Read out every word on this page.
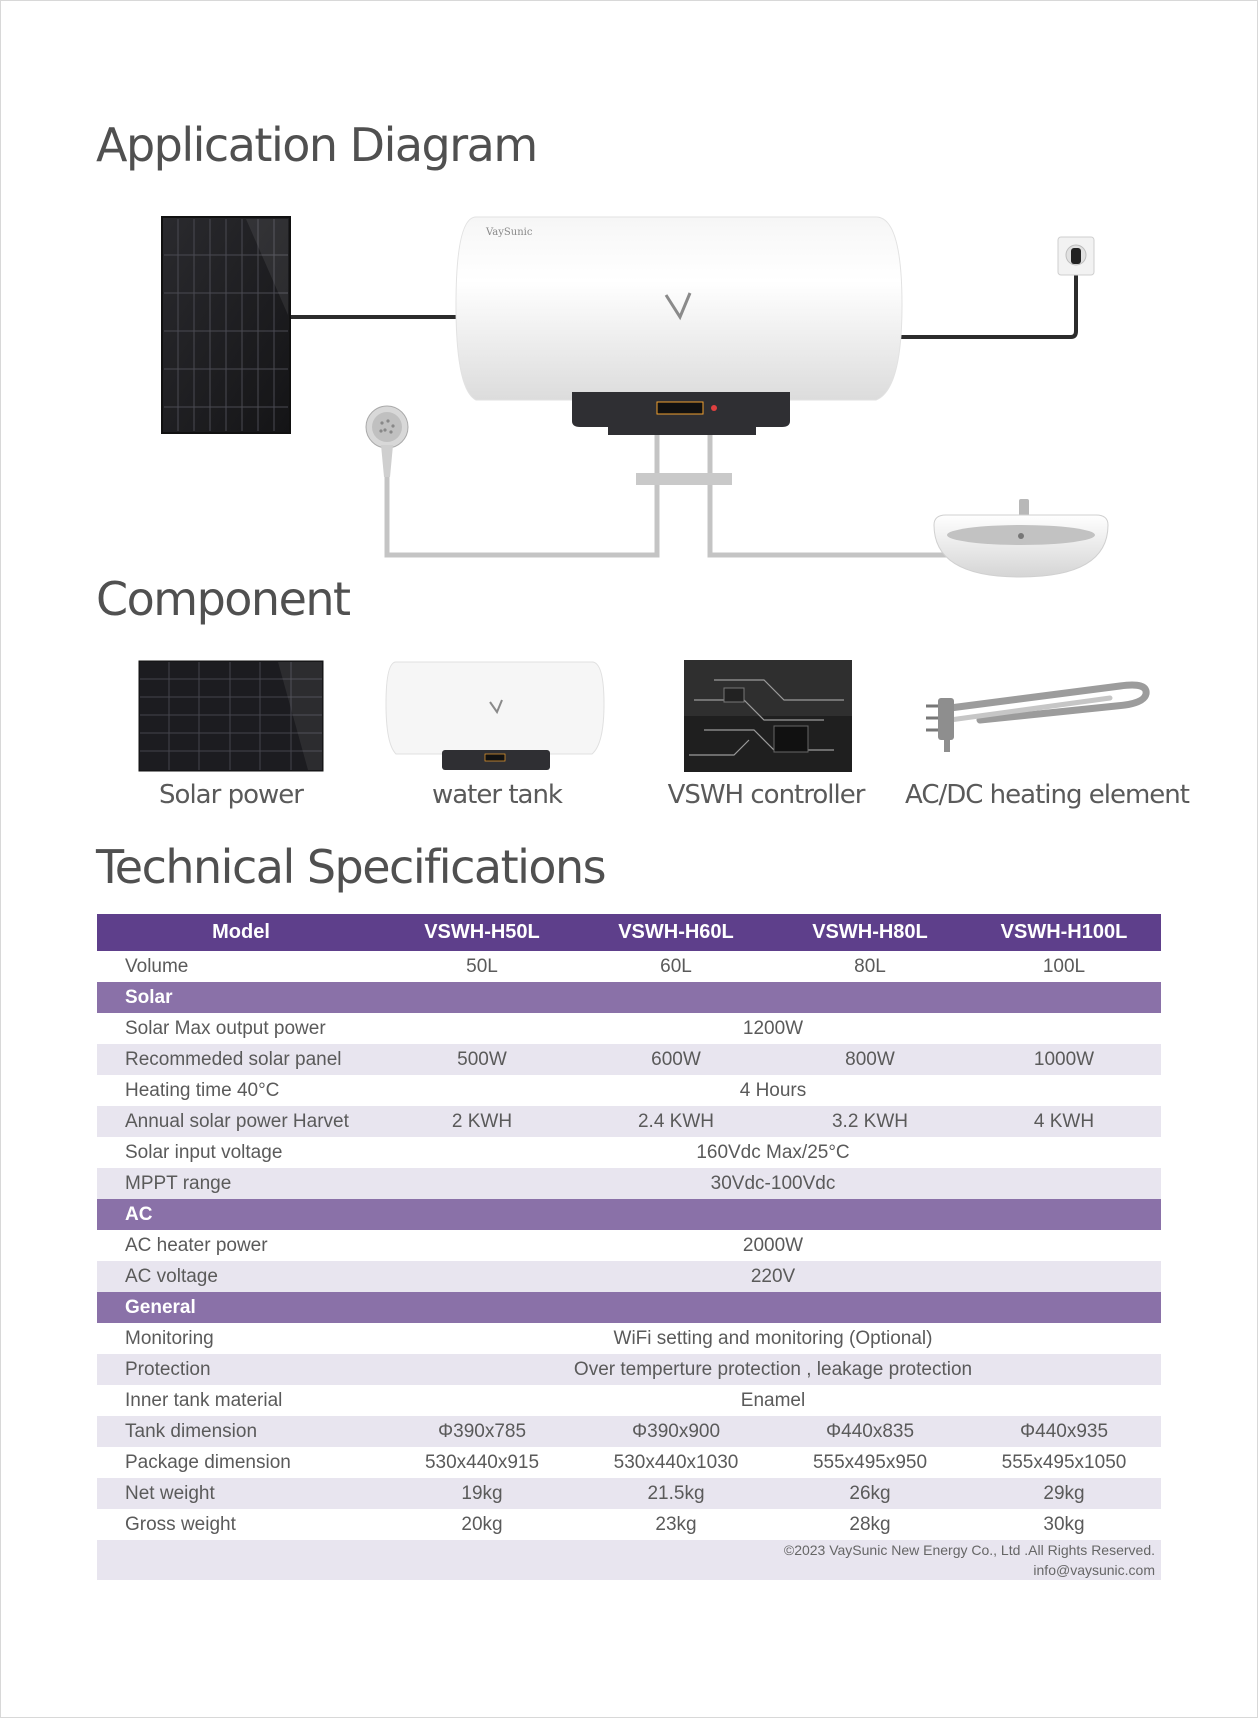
Application Diagram
VaySunic
Component
Solar power	water tank	VSWH controller	AC/DC heating element
Technical Specifications
Model	VSWH-H50L	VSWH-H60L	VSWH-H80L	VSWH-H100L
Volume	50L	60L	80L	100L
Solar				
Solar Max output power	1200W			
Recommeded solar panel	500W	600W	800W	1000W
Heating time 40°C	4 Hours			
Annual solar power Harvet	2 KWH	2.4 KWH	3.2 KWH	4 KWH
Solar input voltage	160Vdc Max/25°C			
MPPT range	30Vdc-100Vdc			
AC				
AC heater power	2000W			
AC voltage	220V			
General				
Monitoring	WiFi setting and monitoring (Optional)			
Protection	Over temperture protection , leakage protection			
Inner tank material	Enamel			
Tank dimension	Φ390x785	Φ390x900	Φ440x835	Φ440x935
Package dimension	530x440x915	530x440x1030	555x495x950	555x495x1050
Net weight	19kg	21.5kg	26kg	29kg
Gross weight	20kg	23kg	28kg	30kg

©2023 VaySunic New Energy Co., Ltd .All Rights Reserved.
info@vaysunic.com				
